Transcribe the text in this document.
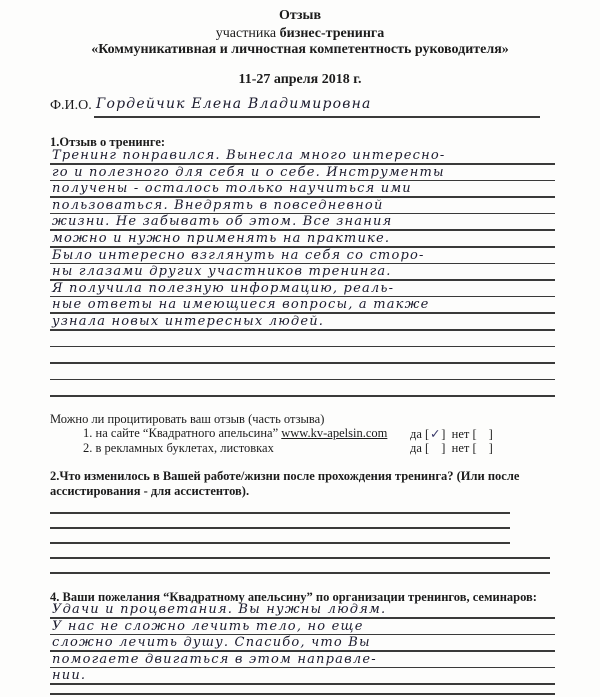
Отзыв
участника бизнес-тренинга
«Коммуникативная и личностная компетентность руководителя»
11-27 апреля 2018 г.
Ф.И.О. Гордейчик Елена Владимировна
1.Отзыв о тренинге:
Тренинг понравился. Вынесла много интересно-
го и полезного для себя и о себе. Инструменты
получены - осталось только научиться ими
пользоваться. Внедрять в повседневной
жизни. Не забывать об этом. Все знания
можно и нужно применять на практике.
Было интересно взглянуть на себя со сторо-
ны глазами других участников тренинга.
Я получила полезную информацию, реаль-
ные ответы на имеющиеся вопросы, а также
узнала новых интересных людей.
Можно ли процитировать ваш отзыв (часть отзыва)
1. на сайте “Квадратного апельсина” www.kv-apelsin.com да [✓] нет [ ]
2. в рекламных буклетах, листовках	да [ ] нет [ ]
2.Что изменилось в Вашей работе/жизни после прохождения тренинга? (Или после
ассистирования - для ассистентов).
4. Ваши пожелания “Квадратному апельсину” по организации тренингов, семинаров:
Удачи и процветания. Вы нужны людям.
У нас не сложно лечить тело, но еще
сложно лечить душу. Спасибо, что Вы
помогаете двигаться в этом направле-
нии.
